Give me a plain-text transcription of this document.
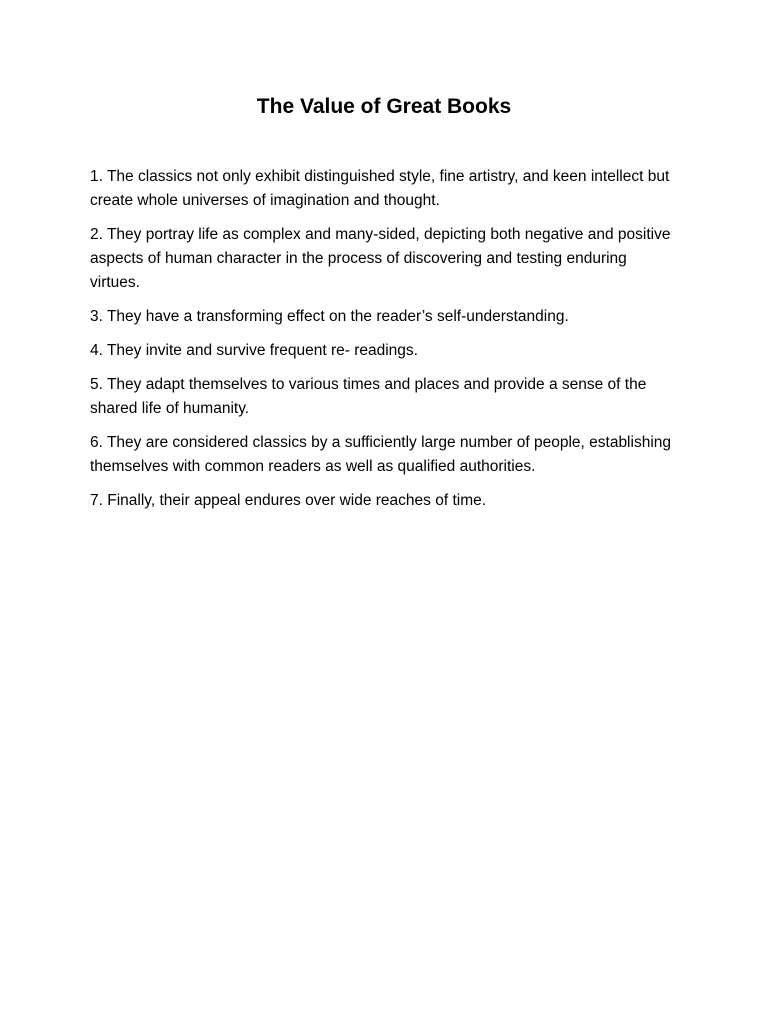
The Value of Great Books
1. The classics not only exhibit distinguished style, fine artistry, and keen intellect but create whole universes of imagination and thought.
2. They portray life as complex and many-sided, depicting both negative and positive aspects of human character in the process of discovering and testing enduring virtues.
3. They have a transforming effect on the reader’s self-understanding.
4. They invite and survive frequent re- readings.
5. They adapt themselves to various times and places and provide a sense of the shared life of humanity.
6. They are considered classics by a sufficiently large number of people, establishing themselves with common readers as well as qualified authorities.
7. Finally, their appeal endures over wide reaches of time.
